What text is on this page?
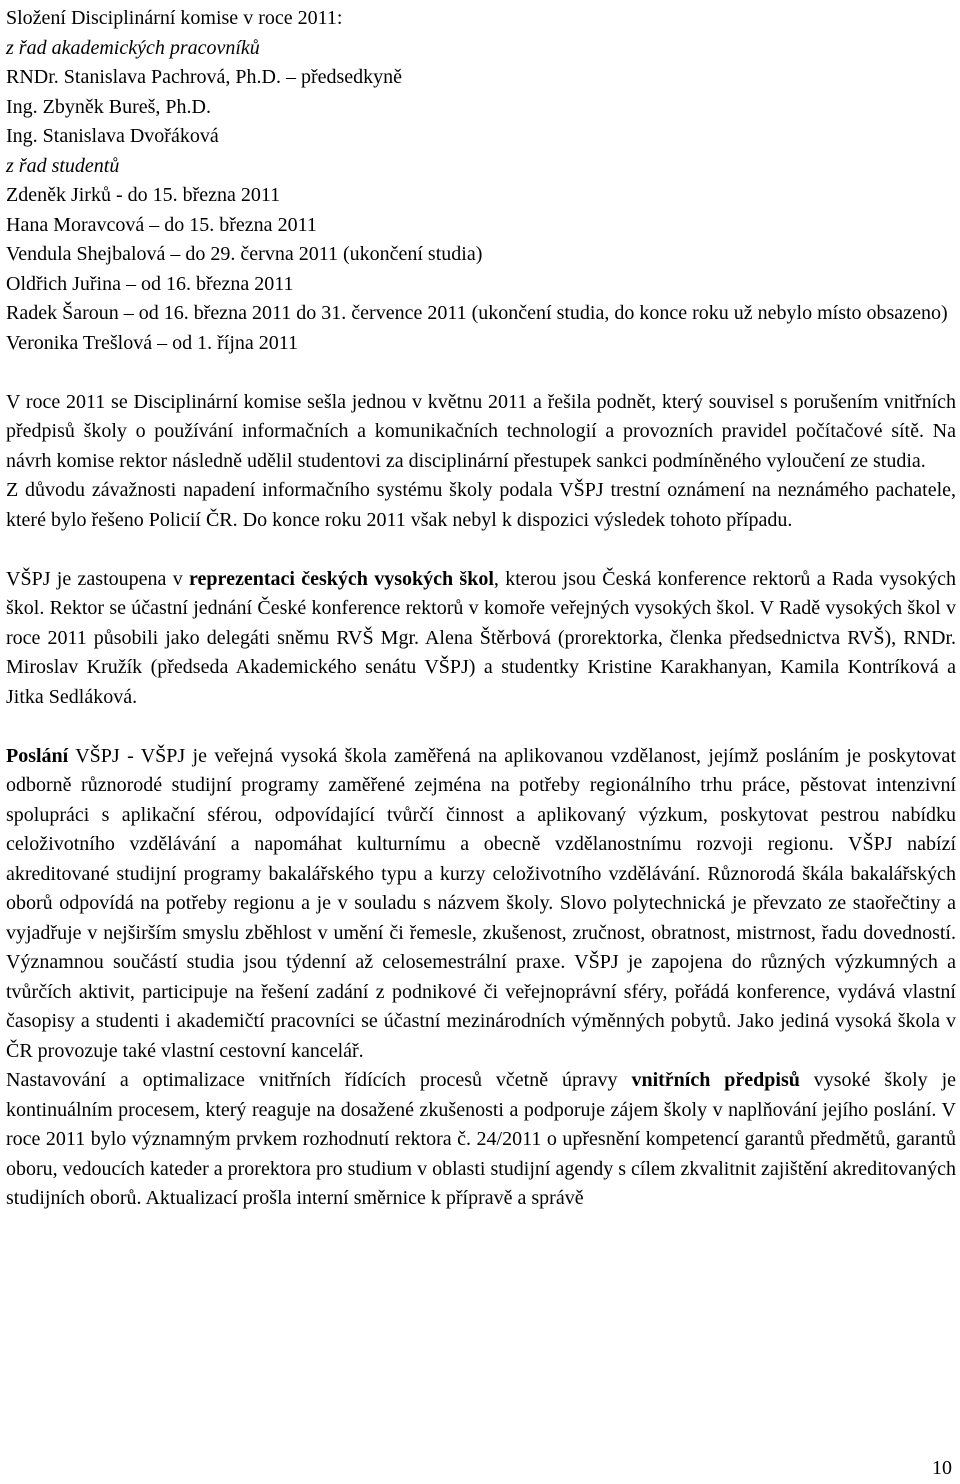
Složení Disciplinární komise v roce 2011:
z řad akademických pracovníků
RNDr. Stanislava Pachrová, Ph.D. – předsedkyně
Ing. Zbyněk Bureš, Ph.D.
Ing. Stanislava Dvořáková
z řad studentů
Zdeněk Jirků - do 15. března 2011
Hana Moravcová – do 15. března 2011
Vendula Shejbalová – do 29. června 2011 (ukončení studia)
Oldřich Juřina – od 16. března 2011
Radek Šaroun – od 16. března 2011 do 31. července 2011 (ukončení studia, do konce roku už nebylo místo obsazeno)
Veronika Trešlová – od 1. října 2011
V roce 2011 se Disciplinární komise sešla jednou v květnu 2011 a řešila podnět, který souvisel s porušením vnitřních předpisů školy o používání informačních a komunikačních technologií a provozních pravidel počítačové sítě. Na návrh komise rektor následně udělil studentovi za disciplinární přestupek sankci podmíněného vyloučení ze studia.
Z důvodu závažnosti napadení informačního systému školy podala VŠPJ trestní oznámení na neznámého pachatele, které bylo řešeno Policií ČR. Do konce roku 2011 však nebyl k dispozici výsledek tohoto případu.
VŠPJ je zastoupena v reprezentaci českých vysokých škol, kterou jsou Česká konference rektorů a Rada vysokých škol. Rektor se účastní jednání České konference rektorů v komoře veřejných vysokých škol. V Radě vysokých škol v roce 2011 působili jako delegáti sněmu RVŠ Mgr. Alena Štěrbová (prorektorka, členka předsednictva RVŠ), RNDr. Miroslav Kružík (předseda Akademického senátu VŠPJ) a studentky Kristine Karakhanyan, Kamila Kontríková a Jitka Sedláková.
Poslání VŠPJ - VŠPJ je veřejná vysoká škola zaměřená na aplikovanou vzdělanost, jejímž posláním je poskytovat odborně různorodé studijní programy zaměřené zejména na potřeby regionálního trhu práce, pěstovat intenzivní spolupráci s aplikační sférou, odpovídající tvůrčí činnost a aplikovaný výzkum, poskytovat pestrou nabídku celoživotního vzdělávání a napomáhat kulturnímu a obecně vzdělanostnímu rozvoji regionu. VŠPJ nabízí akreditované studijní programy bakalářského typu a kurzy celoživotního vzdělávání. Různorodá škála bakalářských oborů odpovídá na potřeby regionu a je v souladu s názvem školy. Slovo polytechnická je převzato ze staořečtiny a vyjadřuje v nejširším smyslu zběhlost v umění či řemesle, zkušenost, zručnost, obratnost, mistrnost, řadu dovedností. Významnou součástí studia jsou týdenní až celosemestrální praxe. VŠPJ je zapojena do různých výzkumných a tvůrčích aktivit, participuje na řešení zadání z podnikové či veřejnoprávní sféry, pořádá konference, vydává vlastní časopisy a studenti i akademičtí pracovníci se účastní mezinárodních výměnných pobytů. Jako jediná vysoká škola v ČR provozuje také vlastní cestovní kancelář.
Nastavování a optimalizace vnitřních řídících procesů včetně úpravy vnitřních předpisů vysoké školy je kontinuálním procesem, který reaguje na dosažené zkušenosti a podporuje zájem školy v naplňování jejího poslání. V roce 2011 bylo významným prvkem rozhodnutí rektora č. 24/2011 o upřesnění kompetencí garantů předmětů, garantů oboru, vedoucích kateder a prorektora pro studium v oblasti studijní agendy s cílem zkvalitnit zajištění akreditovaných studijních oborů. Aktualizací prošla interní směrnice k přípravě a správě
10
